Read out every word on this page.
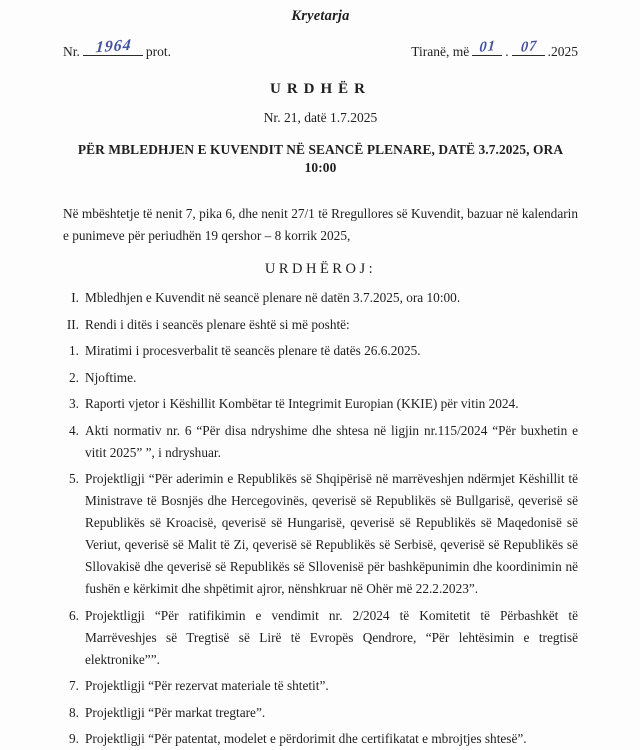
Kryetarja
Nr. 1964	prot.	Tiranë, më 01 . 07 .2025
URDHËR
Nr. 21, datë 1.7.2025
PËR MBLEDHJEN E KUVENDIT NË SEANCË PLENARE, DATË 3.7.2025, ORA 10:00
Në mbështetje të nenit 7, pika 6, dhe nenit 27/1 të Rregullores së Kuvendit, bazuar në kalendarin e punimeve për periudhën 19 qershor – 8 korrik 2025,
URDHËROJ:
I. Mbledhjen e Kuvendit në seancë plenare në datën 3.7.2025, ora 10:00.
II. Rendi i ditës i seancës plenare është si më poshtë:
1. Miratimi i procesverbalit të seancës plenare të datës 26.6.2025.
2. Njoftime.
3. Raporti vjetor i Këshillit Kombëtar të Integrimit Europian (KKIE) për vitin 2024.
4. Akti normativ nr. 6 “Për disa ndryshime dhe shtesa në ligjin nr.115/2024 “Për buxhetin e vitit 2025” ”, i ndryshuar.
5. Projektligji “Për aderimin e Republikës së Shqipërisë në marrëveshjen ndërmjet Këshillit të Ministrave të Bosnjës dhe Hercegovinës, qeverisë së Republikës së Bullgarisë, qeverisë së Republikës së Kroacisë, qeverisë së Hungarisë, qeverisë së Republikës së Maqedonisë së Veriut, qeverisë së Malit të Zi, qeverisë së Republikës së Serbisë, qeverisë së Republikës së Sllovakisë dhe qeverisë së Republikës së Sllovenisë për bashkëpunimin dhe koordinimin në fushën e kërkimit dhe shpëtimit ajror, nënshkruar në Ohër më 22.2.2023”.
6. Projektligji “Për ratifikimin e vendimit nr. 2/2024 të Komitetit të Përbashkët të Marrëveshjes së Tregtisë së Lirë të Evropës Qendrore, “Për lehtësimin e tregtisë elektronike””.
7. Projektligji “Për rezervat materiale të shtetit”.
8. Projektligji “Për markat tregtare”.
9. Projektligji “Për patentat, modelet e përdorimit dhe certifikatat e mbrojtjes shtesë”.
